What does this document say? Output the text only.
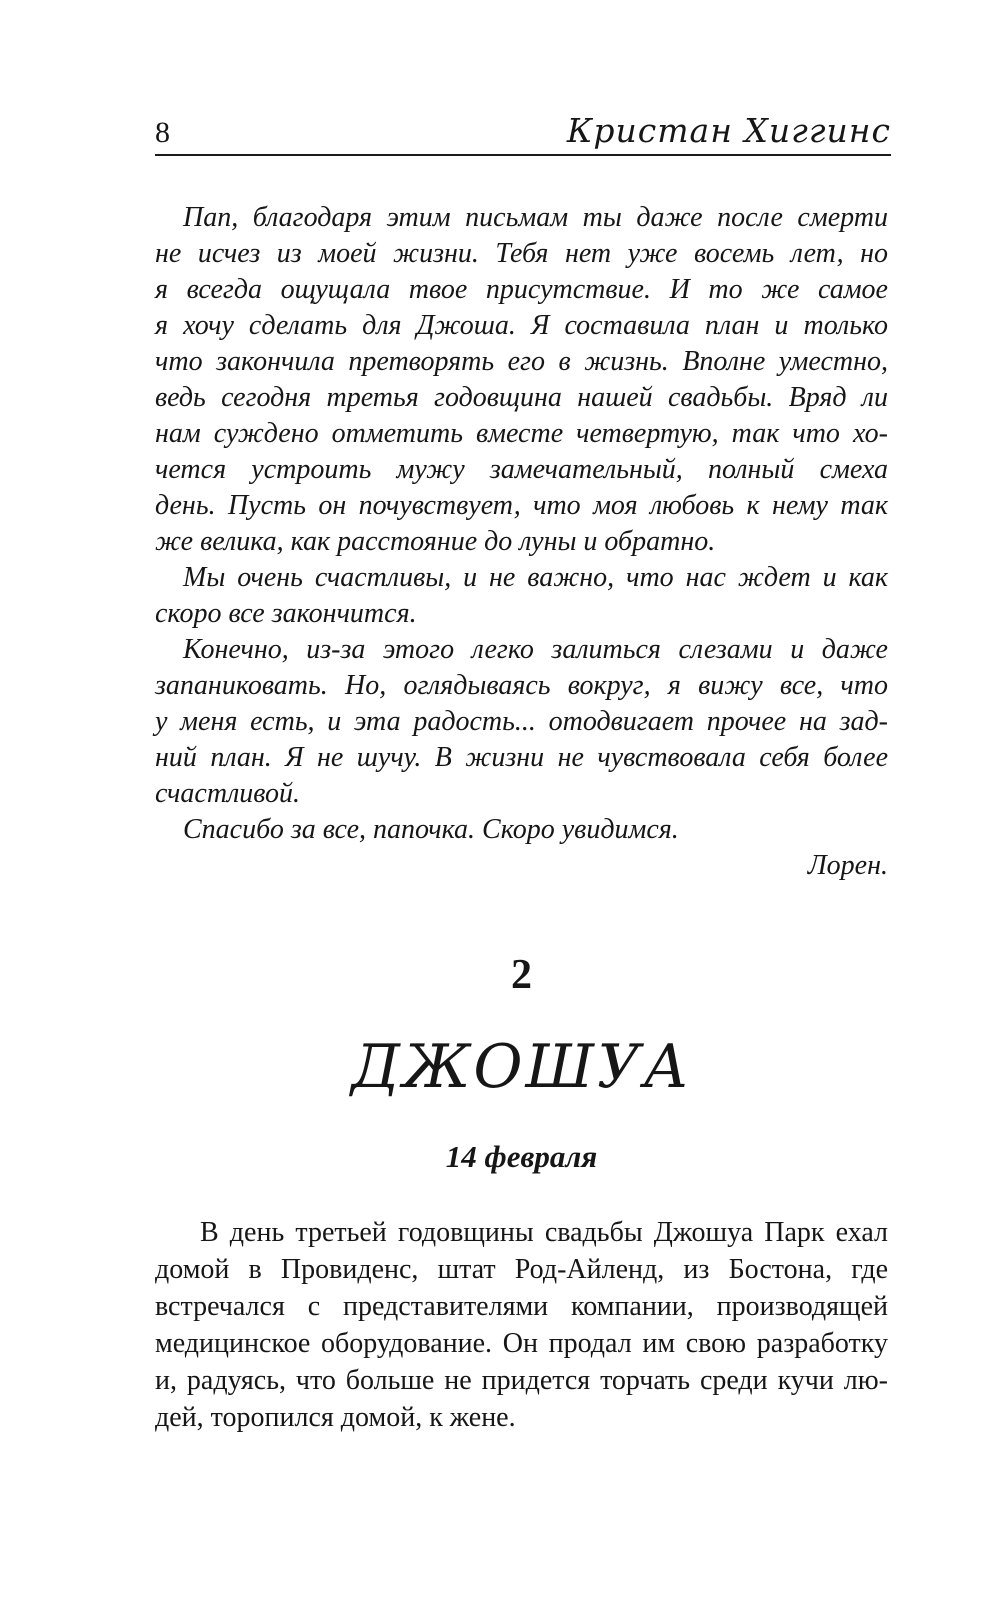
8	Кристан Хиггинс
Пап, благодаря этим письмам ты даже после смерти
не исчез из моей жизни. Тебя нет уже восемь лет, но
я всегда ощущала твое присутствие. И то же самое
я хочу сделать для Джоша. Я составила план и только
что закончила претворять его в жизнь. Вполне уместно,
ведь сегодня третья годовщина нашей свадьбы. Вряд ли
нам суждено отметить вместе четвертую, так что хо-
чется устроить мужу замечательный, полный смеха
день. Пусть он почувствует, что моя любовь к нему так
же велика, как расстояние до луны и обратно.
Мы очень счастливы, и не важно, что нас ждет и как
скоро все закончится.
Конечно, из-за этого легко залиться слезами и даже
запаниковать. Но, оглядываясь вокруг, я вижу все, что
у меня есть, и эта радость... отодвигает прочее на зад-
ний план. Я не шучу. В жизни не чувствовала себя более
счастливой.
Спасибо за все, папочка. Скоро увидимся.
Лорен.
2
ДЖОШУА
14 февраля
В день третьей годовщины свадьбы Джошуа Парк ехал
домой в Провиденс, штат Род-Айленд, из Бостона, где
встречался с представителями компании, производящей
медицинское оборудование. Он продал им свою разработку
и, радуясь, что больше не придется торчать среди кучи лю-
дей, торопился домой, к жене.
